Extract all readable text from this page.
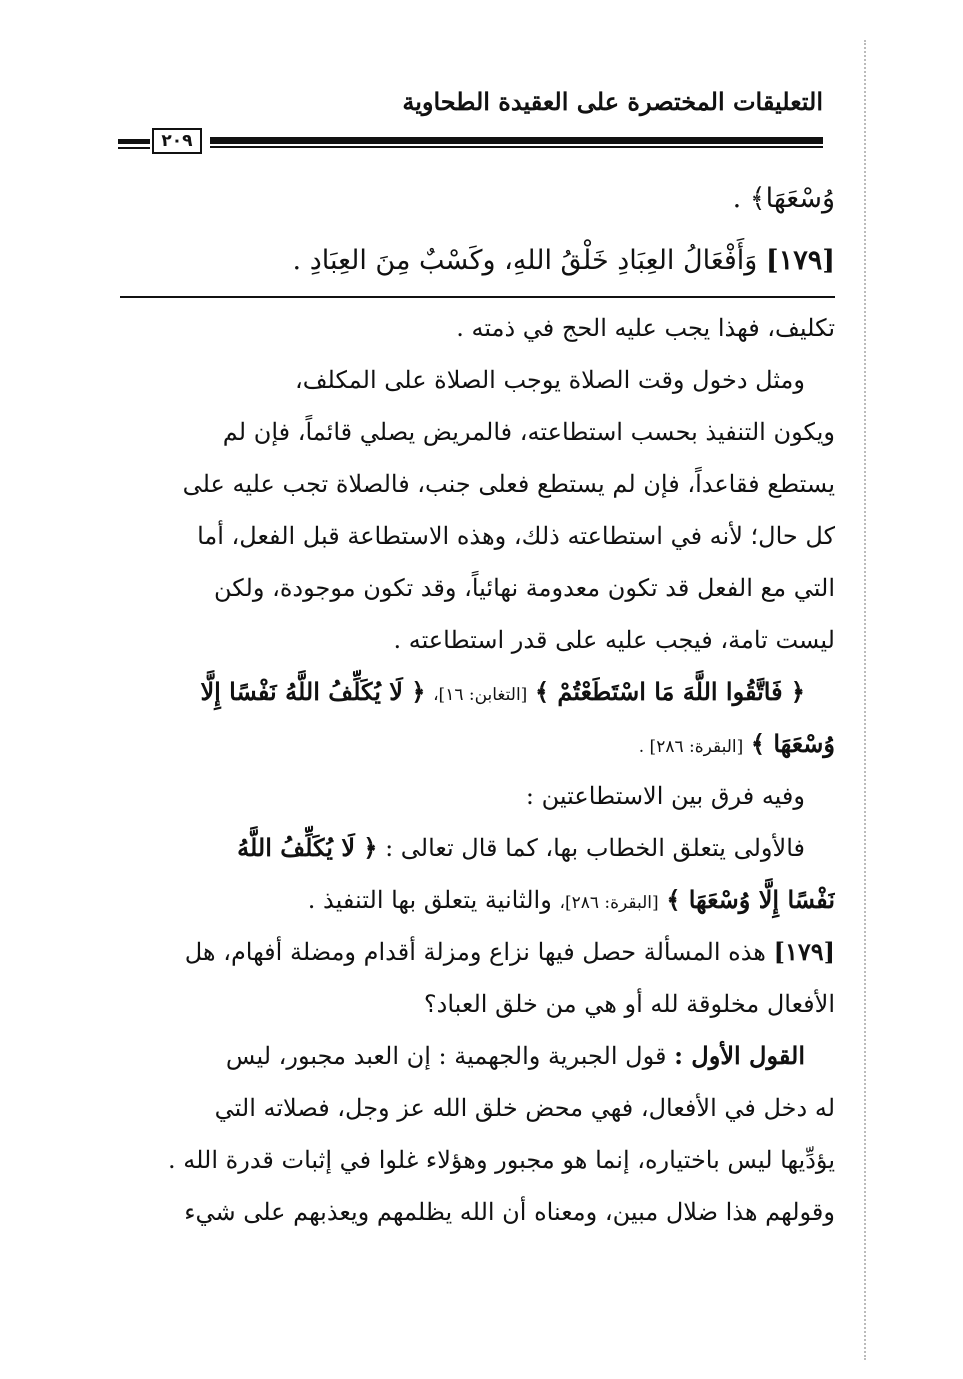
التعليقات المختصرة على العقيدة الطحاوية
٢٠٩
وُسْعَهَا﴾ .
[١٧٩] وَأَفْعَالُ العِبَادِ خَلْقُ اللهِ، وكَسْبٌ مِنَ العِبَادِ .
تكليف، فهذا يجب عليه الحج في ذمته .
ومثل دخول وقت الصلاة يوجب الصلاة على المكلف،
ويكون التنفيذ بحسب استطاعته، فالمريض يصلي قائماً، فإن لم
يستطع فقاعداً، فإن لم يستطع فعلى جنب، فالصلاة تجب عليه على
كل حال؛ لأنه في استطاعته ذلك، وهذه الاستطاعة قبل الفعل، أما
التي مع الفعل قد تكون معدومة نهائياً، وقد تكون موجودة، ولكن
ليست تامة، فيجب عليه على قدر استطاعته .
﴿ فَاتَّقُوا اللَّهَ مَا اسْتَطَعْتُمْ ﴾ [التغابن: ١٦]، ﴿ لَا يُكَلِّفُ اللَّهُ نَفْسًا إِلَّا
وُسْعَهَا ﴾ [البقرة: ٢٨٦] .
وفيه فرق بين الاستطاعتين :
فالأولى يتعلق الخطاب بها، كما قال تعالى : ﴿ لَا يُكَلِّفُ اللَّهُ
نَفْسًا إِلَّا وُسْعَهَا ﴾ [البقرة: ٢٨٦]، والثانية يتعلق بها التنفيذ .
[١٧٩] هذه المسألة حصل فيها نزاع ومزلة أقدام ومضلة أفهام، هل
الأفعال مخلوقة لله أو هي من خلق العباد؟
القول الأول : قول الجبرية والجهمية : إن العبد مجبور، ليس
له دخل في الأفعال، فهي محض خلق الله عز وجل، فصلاته التي
يؤدِّيها ليس باختياره، إنما هو مجبور وهؤلاء غلوا في إثبات قدرة الله .
وقولهم هذا ضلال مبين، ومعناه أن الله يظلمهم ويعذبهم على شيء
